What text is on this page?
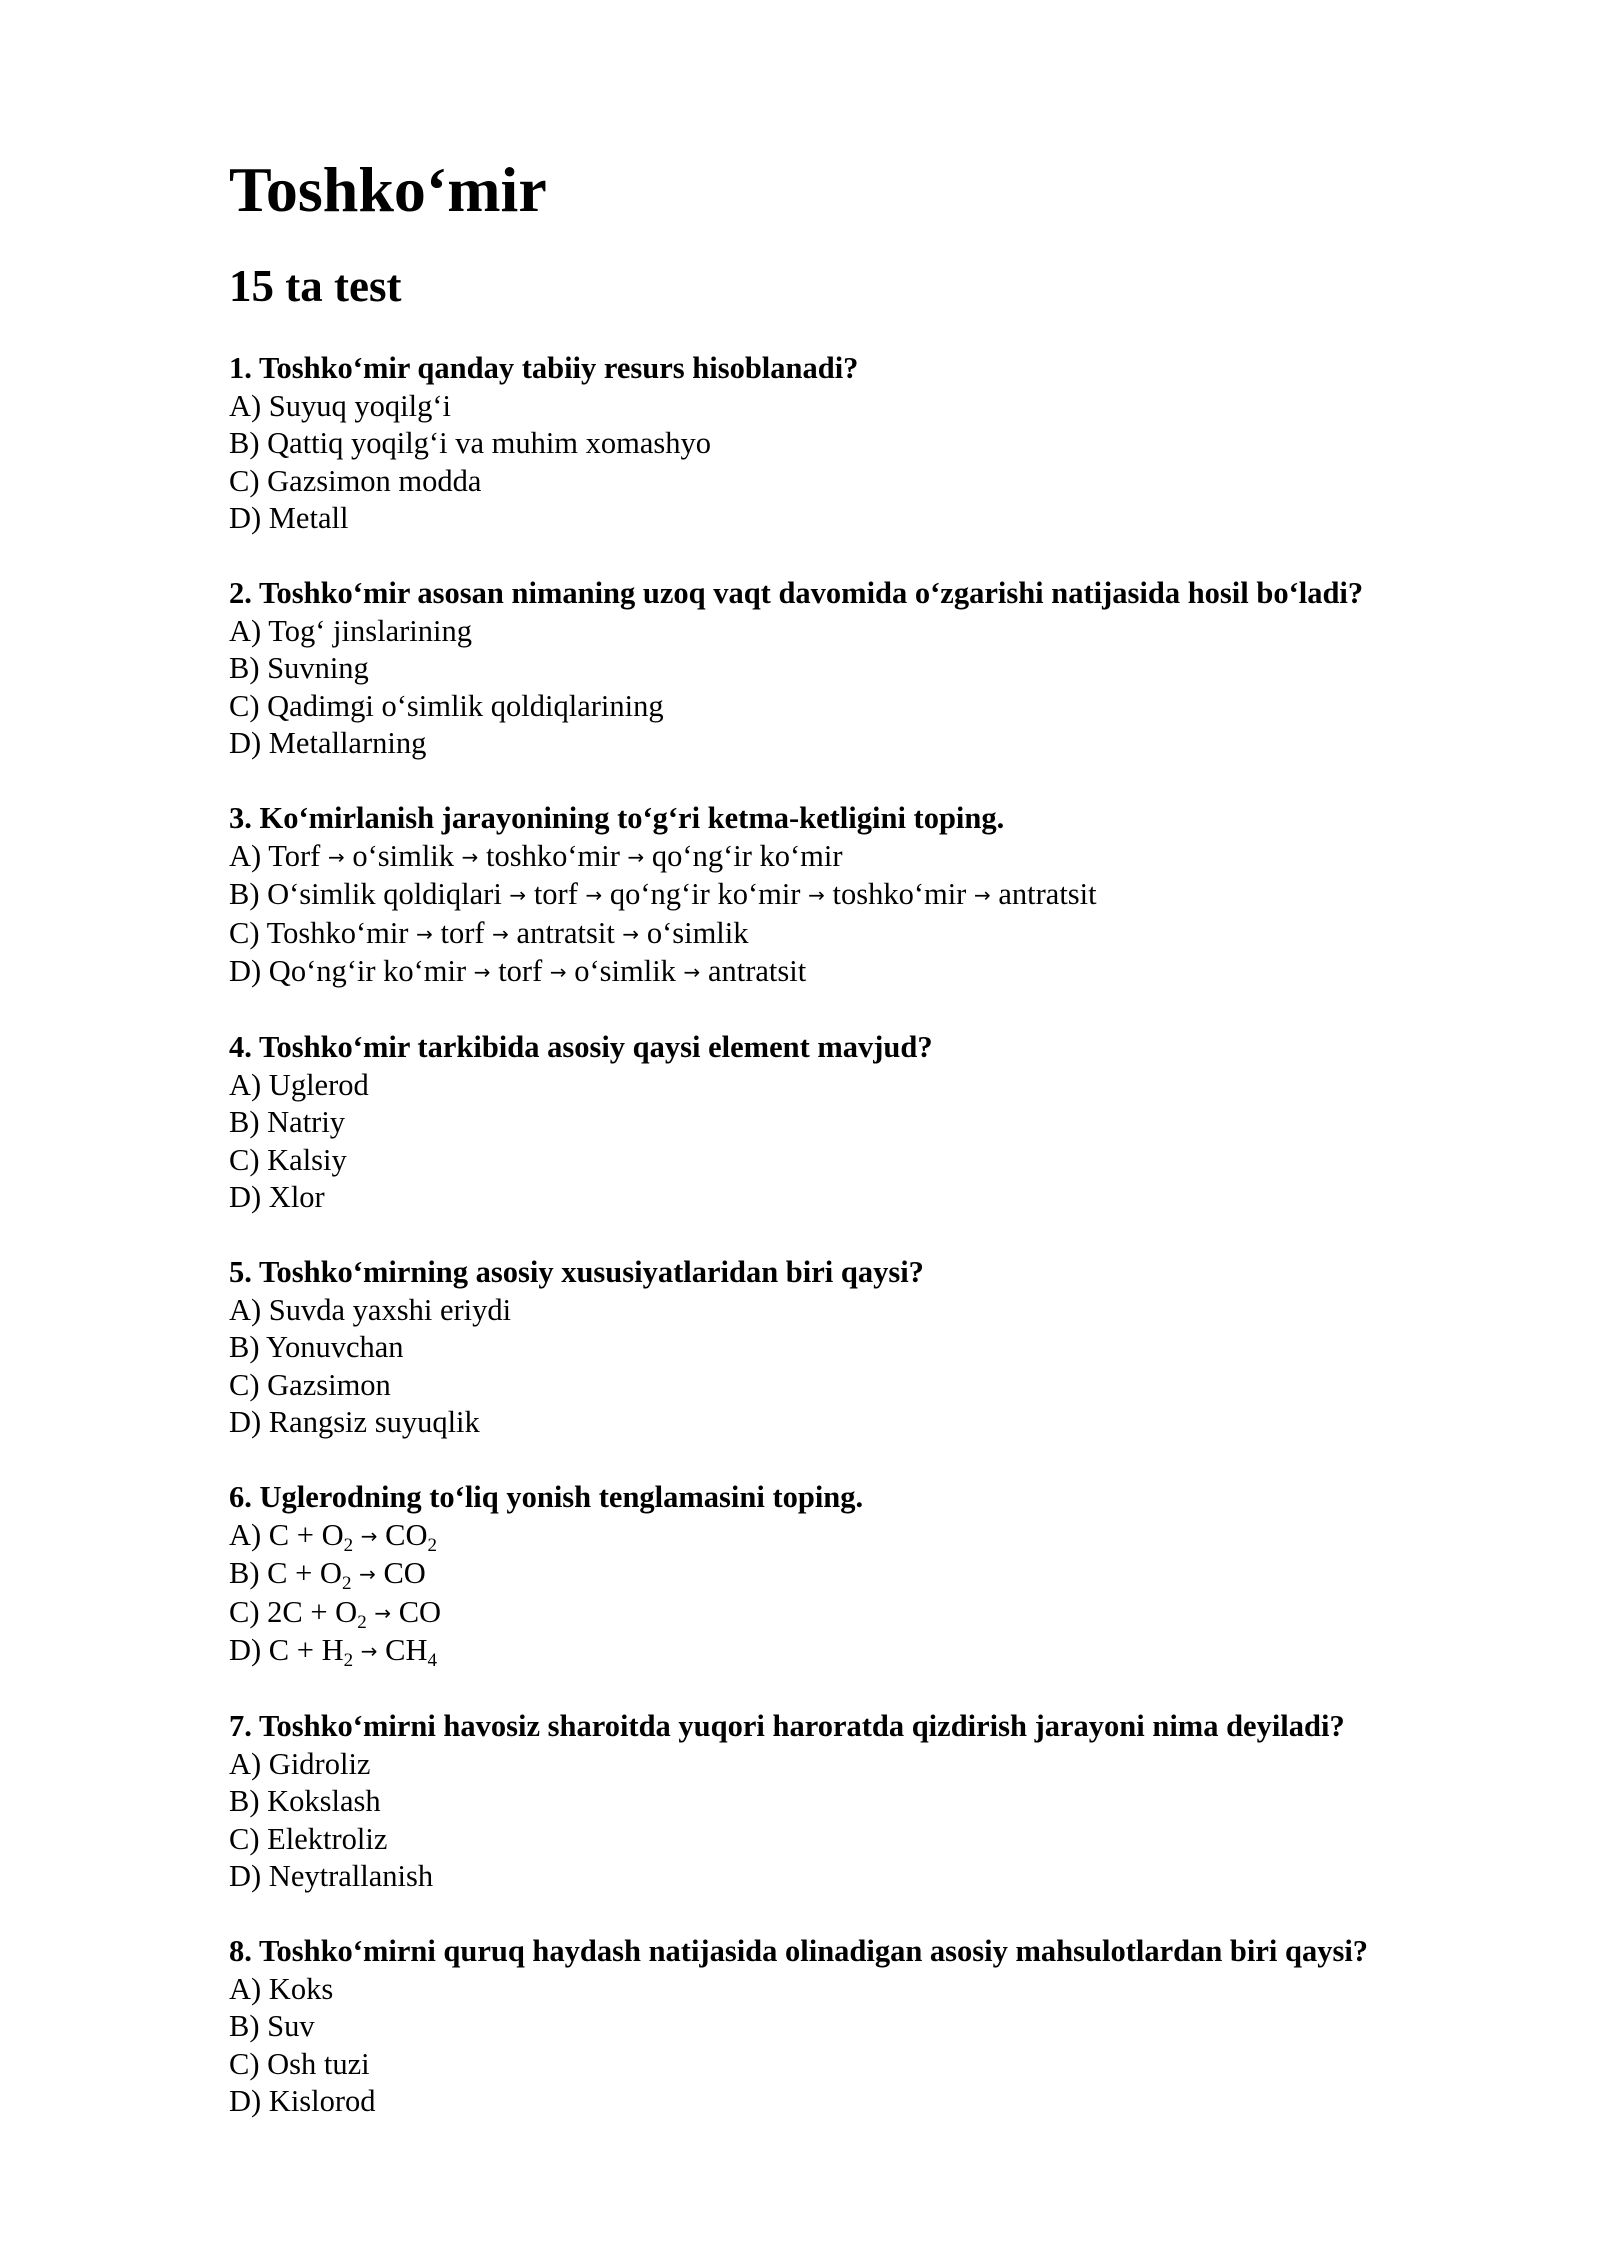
Toshko‘mir
15 ta test
1. Toshko‘mir qanday tabiiy resurs hisoblanadi?
A) Suyuq yoqilg‘i
B) Qattiq yoqilg‘i va muhim xomashyo
C) Gazsimon modda
D) Metall
2. Toshko‘mir asosan nimaning uzoq vaqt davomida o‘zgarishi natijasida hosil bo‘ladi?
A) Tog‘ jinslarining
B) Suvning
C) Qadimgi o‘simlik qoldiqlarining
D) Metallarning
3. Ko‘mirlanish jarayonining to‘g‘ri ketma-ketligini toping.
A) Torf → o‘simlik → toshko‘mir → qo‘ng‘ir ko‘mir
B) O‘simlik qoldiqlari → torf → qo‘ng‘ir ko‘mir → toshko‘mir → antratsit
C) Toshko‘mir → torf → antratsit → o‘simlik
D) Qo‘ng‘ir ko‘mir → torf → o‘simlik → antratsit
4. Toshko‘mir tarkibida asosiy qaysi element mavjud?
A) Uglerod
B) Natriy
C) Kalsiy
D) Xlor
5. Toshko‘mirning asosiy xususiyatlaridan biri qaysi?
A) Suvda yaxshi eriydi
B) Yonuvchan
C) Gazsimon
D) Rangsiz suyuqlik
6. Uglerodning to‘liq yonish tenglamasini toping.
A) $C + O_2 \to CO_2$
B) $C + O_2$ → CO
C) $2C + O_2$ → CO
D) $C + H_2 \to CH_4$
7. Toshko‘mirni havosiz sharoitda yuqori haroratda qizdirish jarayoni nima deyiladi?
A) Gidroliz
B) Kokslash
C) Elektroliz
D) Neytrallanish
8. Toshko‘mirni quruq haydash natijasida olinadigan asosiy mahsulotlardan biri qaysi?
A) Koks
B) Suv
C) Osh tuzi
D) Kislorod
